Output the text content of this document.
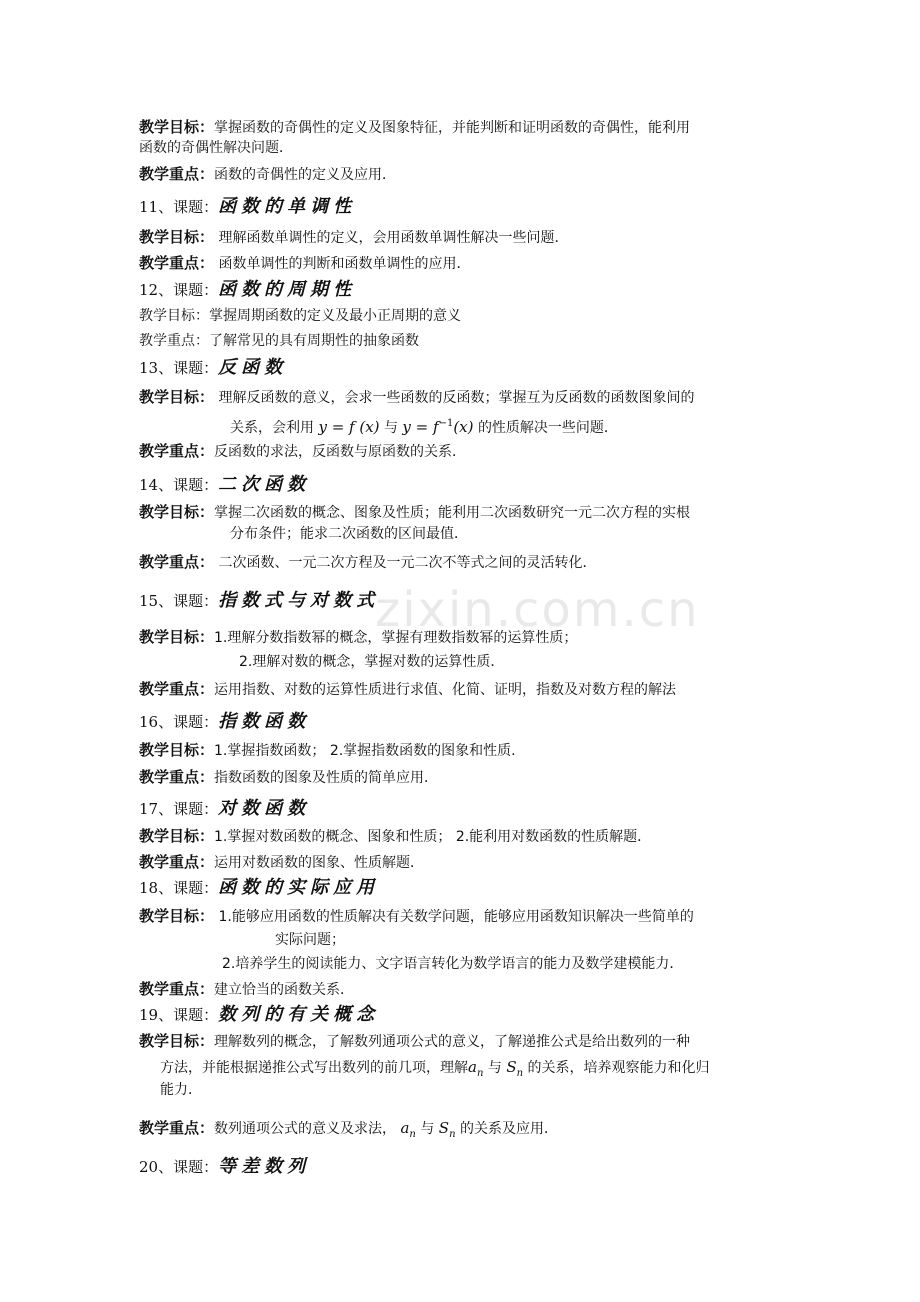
zixin.com.cn
教学目标：掌握函数的奇偶性的定义及图象特征，并能判断和证明函数的奇偶性，能利用
函数的奇偶性解决问题．
教学重点：函数的奇偶性的定义及应用．
11、课题：函数的单调性
教学目标： 理解函数单调性的定义，会用函数单调性解决一些问题．
教学重点： 函数单调性的判断和函数单调性的应用．
12、课题：函数的周期性
教学目标：掌握周期函数的定义及最小正周期的意义
教学重点：了解常见的具有周期性的抽象函数
13、课题：反函数
教学目标： 理解反函数的意义，会求一些函数的反函数；掌握互为反函数的函数图象间的
关系，会利用 y = f (x) 与 $y = f^{-1}(x)$ 的性质解决一些问题．
教学重点：反函数的求法，反函数与原函数的关系．
14、课题：二次函数
教学目标：掌握二次函数的概念、图象及性质；能利用二次函数研究一元二次方程的实根
分布条件；能求二次函数的区间最值．
教学重点： 二次函数、一元二次方程及一元二次不等式之间的灵活转化．
15、课题：指数式与对数式
教学目标：1.理解分数指数幂的概念，掌握有理数指数幂的运算性质；
2.理解对数的概念，掌握对数的运算性质．
教学重点：运用指数、对数的运算性质进行求值、化简、证明，指数及对数方程的解法
16、课题：指数函数
教学目标：1.掌握指数函数； 2.掌握指数函数的图象和性质.
教学重点：指数函数的图象及性质的简单应用．
17、课题：对数函数
教学目标：1.掌握对数函数的概念、图象和性质； 2.能利用对数函数的性质解题．
教学重点：运用对数函数的图象、性质解题．
18、课题：函数的实际应用
教学目标： 1.能够应用函数的性质解决有关数学问题，能够应用函数知识解决一些简单的
实际问题；
2.培养学生的阅读能力、文字语言转化为数学语言的能力及数学建模能力．
教学重点：建立恰当的函数关系．
19、课题：数列的有关概念
教学目标：理解数列的概念，了解数列通项公式的意义，了解递推公式是给出数列的一种
方法，并能根据递推公式写出数列的前几项，理解$a_n$ 与 $S_n$ 的关系，培养观察能力和化归
能力．
教学重点：数列通项公式的意义及求法， $a_n$ 与 $S_n$ 的关系及应用．
20、课题：等差数列
